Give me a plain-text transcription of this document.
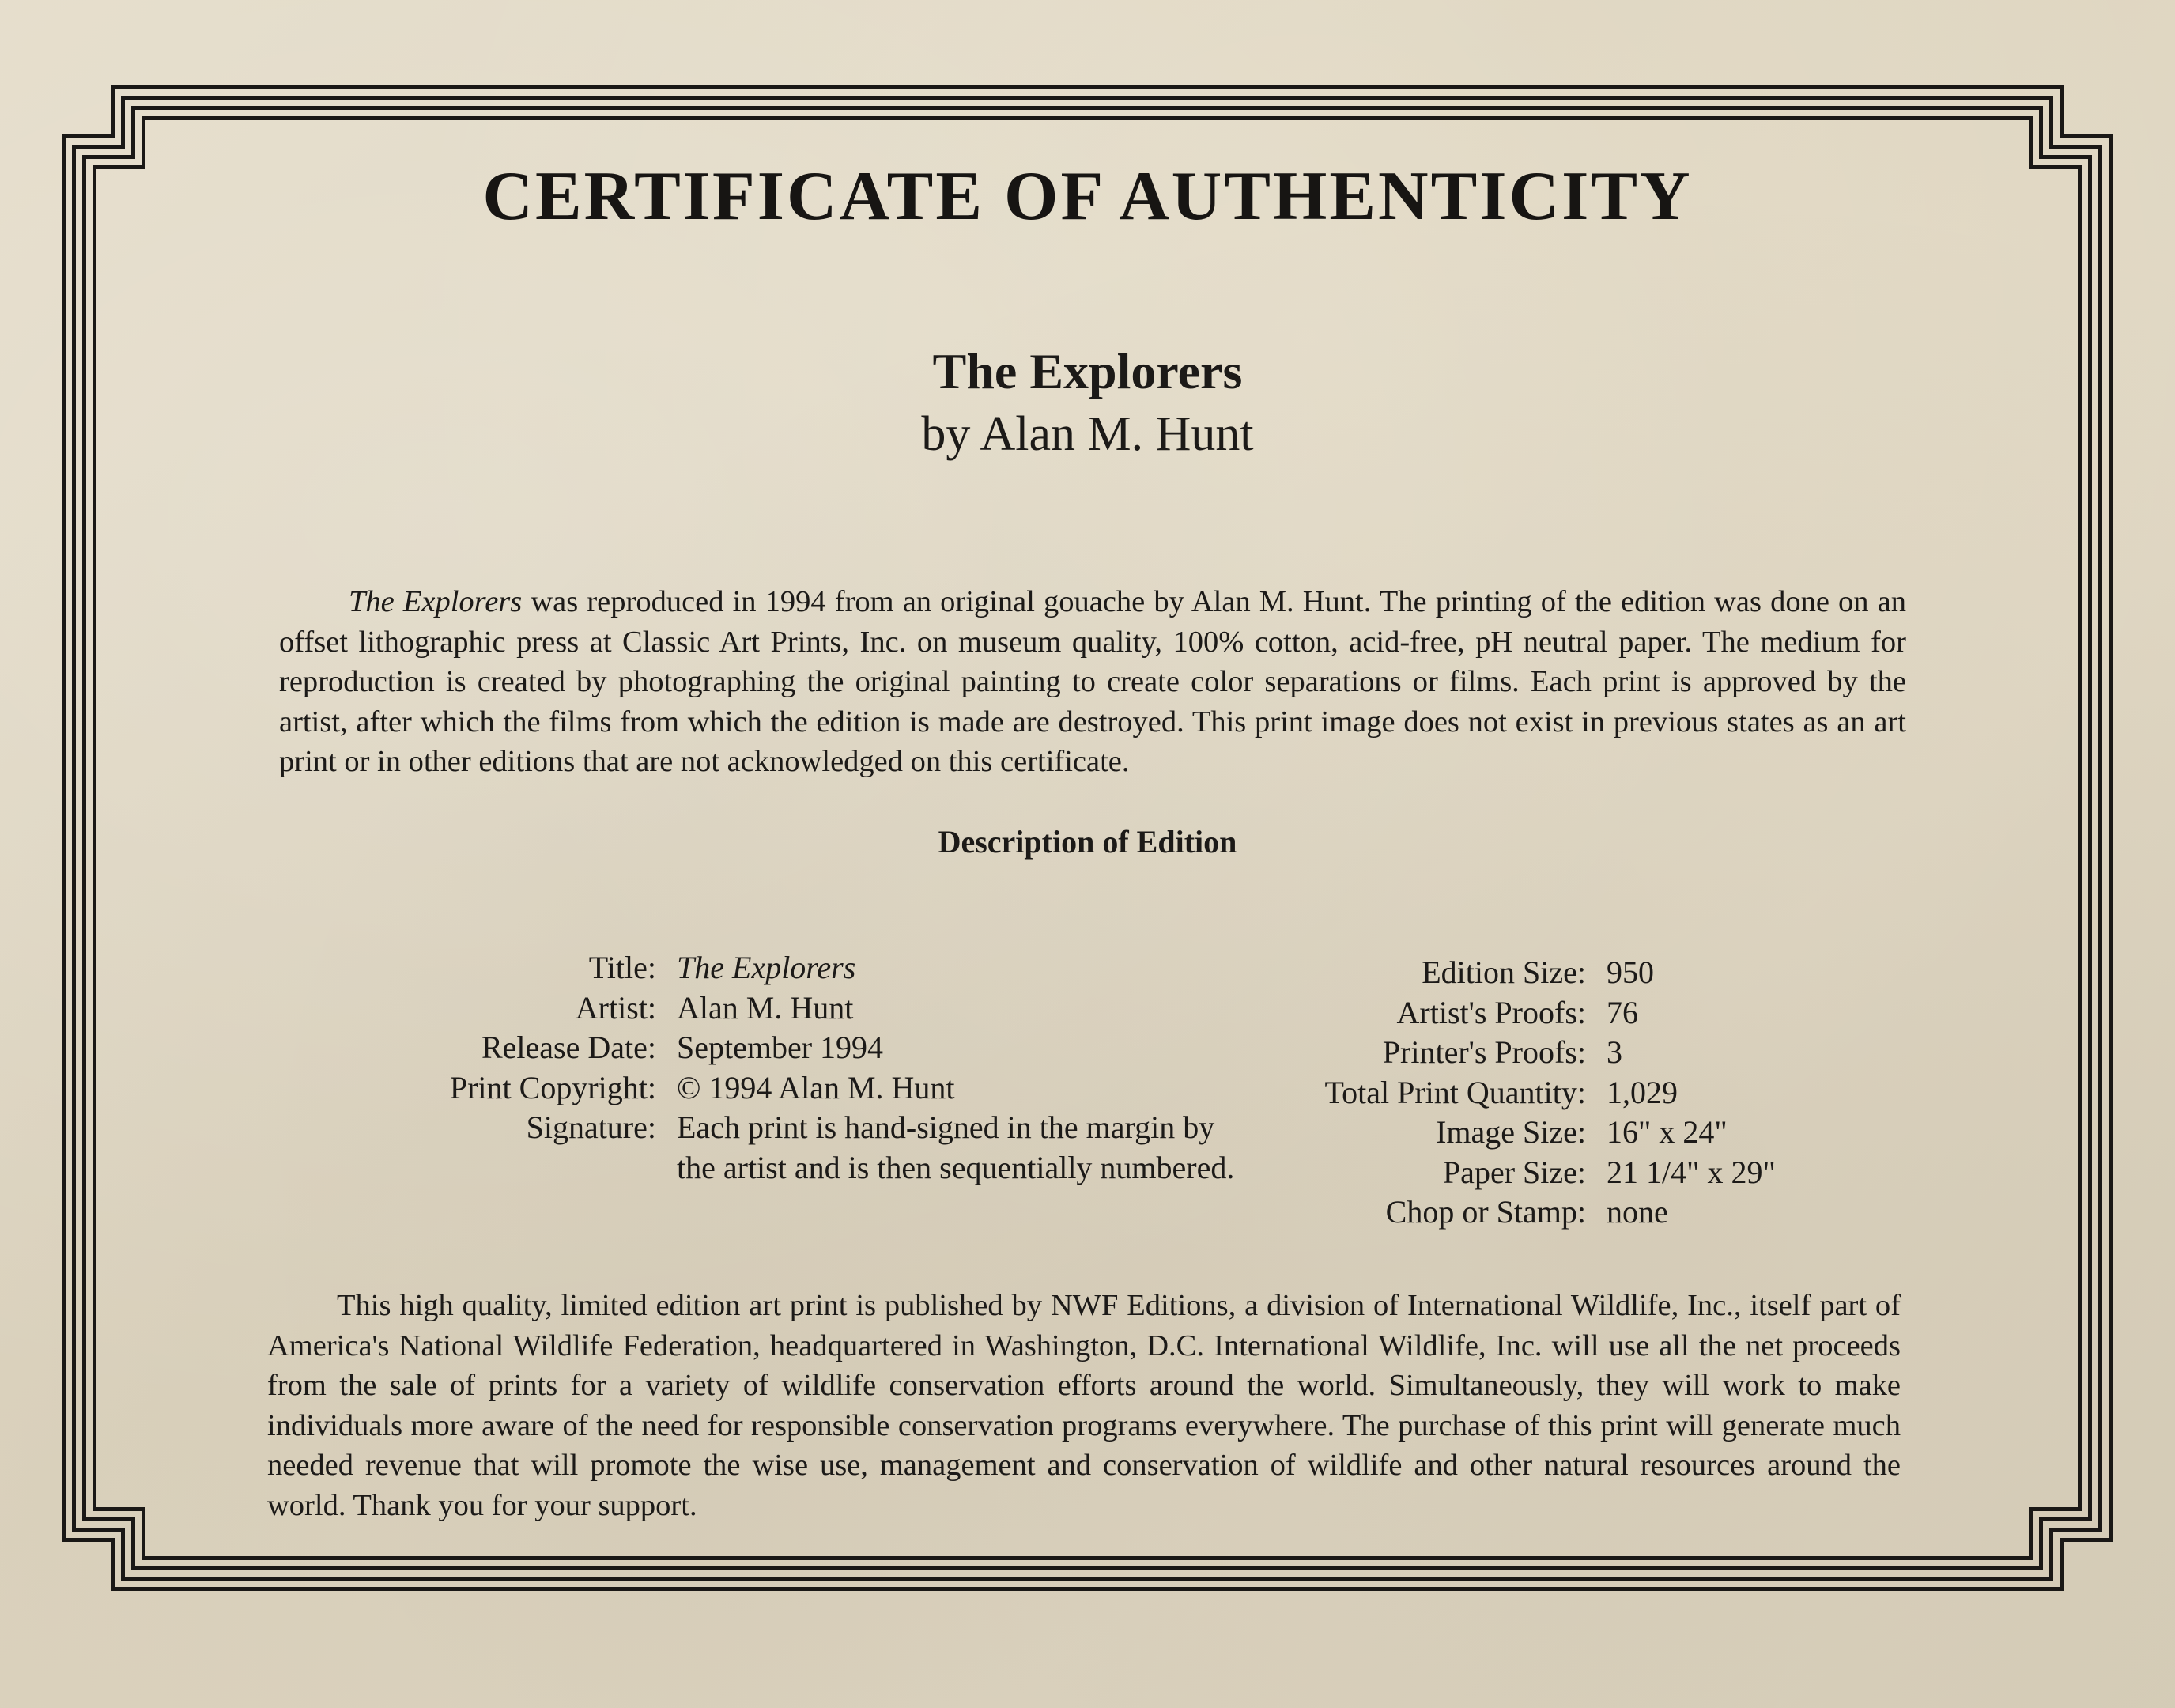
CERTIFICATE OF AUTHENTICITY
The Explorers
by Alan M. Hunt

The Explorers was reproduced in 1994 from an original gouache by Alan M. Hunt. The printing of the edition was done on an offset lithographic press at Classic Art Prints, Inc. on museum quality, 100% cotton, acid-free, pH neutral paper. The medium for reproduction is created by photographing the original painting to create color separations or films. Each print is approved by the artist, after which the films from which the edition is made are destroyed. This print image does not exist in previous states as an art print or in other editions that are not acknowledged on this certificate.

Description of Edition
Title: The Explorers
Artist: Alan M. Hunt
Release Date: September 1994
Print Copyright: © 1994 Alan M. Hunt
Signature: Each print is hand-signed in the margin by the artist and is then sequentially numbered.
Edition Size: 950
Artist's Proofs: 76
Printer's Proofs: 3
Total Print Quantity: 1,029
Image Size: 16" x 24"
Paper Size: 21 1/4" x 29"
Chop or Stamp: none

This high quality, limited edition art print is published by NWF Editions, a division of International Wildlife, Inc., itself part of America's National Wildlife Federation, headquartered in Washington, D.C. International Wildlife, Inc. will use all the net proceeds from the sale of prints for a variety of wildlife conservation efforts around the world. Simultaneously, they will work to make individuals more aware of the need for responsible conservation programs everywhere. The purchase of this print will generate much needed revenue that will promote the wise use, management and conservation of wildlife and other natural resources around the world. Thank you for your support.
